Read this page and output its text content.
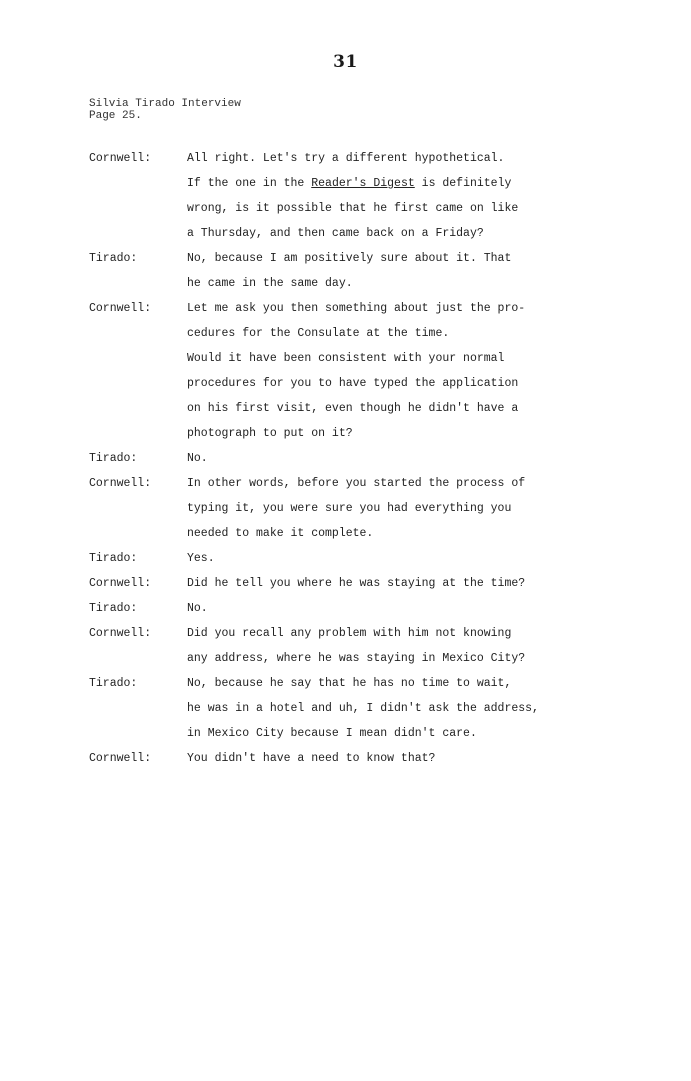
31
Silvia Tirado Interview
Page 25.
Cornwell:	All right. Let's try a different hypothetical.
If the one in the Reader's Digest is definitely
wrong, is it possible that he first came on like
a Thursday, and then came back on a Friday?
Tirado:	No, because I am positively sure about it. That
he came in the same day.
Cornwell:	Let me ask you then something about just the pro-
cedures for the Consulate at the time.
Would it have been consistent with your normal
procedures for you to have typed the application
on his first visit, even though he didn't have a
photograph to put on it?
Tirado:	No.
Cornwell:	In other words, before you started the process of
typing it, you were sure you had everything you
needed to make it complete.
Tirado:	Yes.
Cornwell:	Did he tell you where he was staying at the time?
Tirado:	No.
Cornwell:	Did you recall any problem with him not knowing
any address, where he was staying in Mexico City?
Tirado:	No, because he say that he has no time to wait,
he was in a hotel and uh, I didn't ask the address,
in Mexico City because I mean didn't care.
Cornwell:	You didn't have a need to know that?
